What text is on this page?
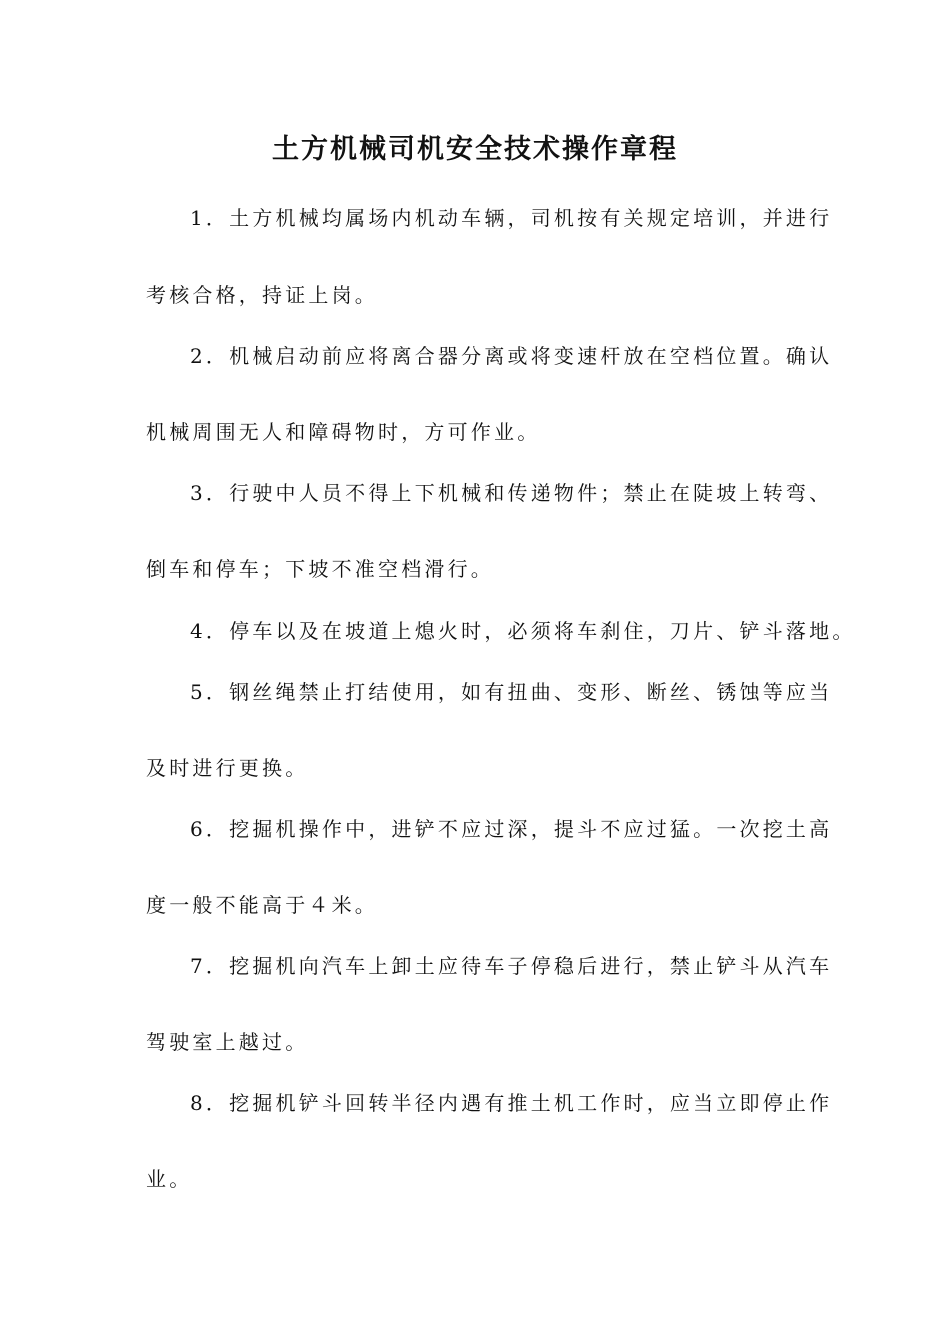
土方机械司机安全技术操作章程

1．土方机械均属场内机动车辆，司机按有关规定培训，并进行

考核合格，持证上岗。

2．机械启动前应将离合器分离或将变速杆放在空档位置。确认

机械周围无人和障碍物时，方可作业。

3．行驶中人员不得上下机械和传递物件；禁止在陡坡上转弯、

倒车和停车；下坡不准空档滑行。

4．停车以及在坡道上熄火时，必须将车刹住，刀片、铲斗落地。

5．钢丝绳禁止打结使用，如有扭曲、变形、断丝、锈蚀等应当

及时进行更换。

6．挖掘机操作中，进铲不应过深，提斗不应过猛。一次挖土高

度一般不能高于４米。

7．挖掘机向汽车上卸土应待车子停稳后进行，禁止铲斗从汽车

驾驶室上越过。

8．挖掘机铲斗回转半径内遇有推土机工作时，应当立即停止作

业。
